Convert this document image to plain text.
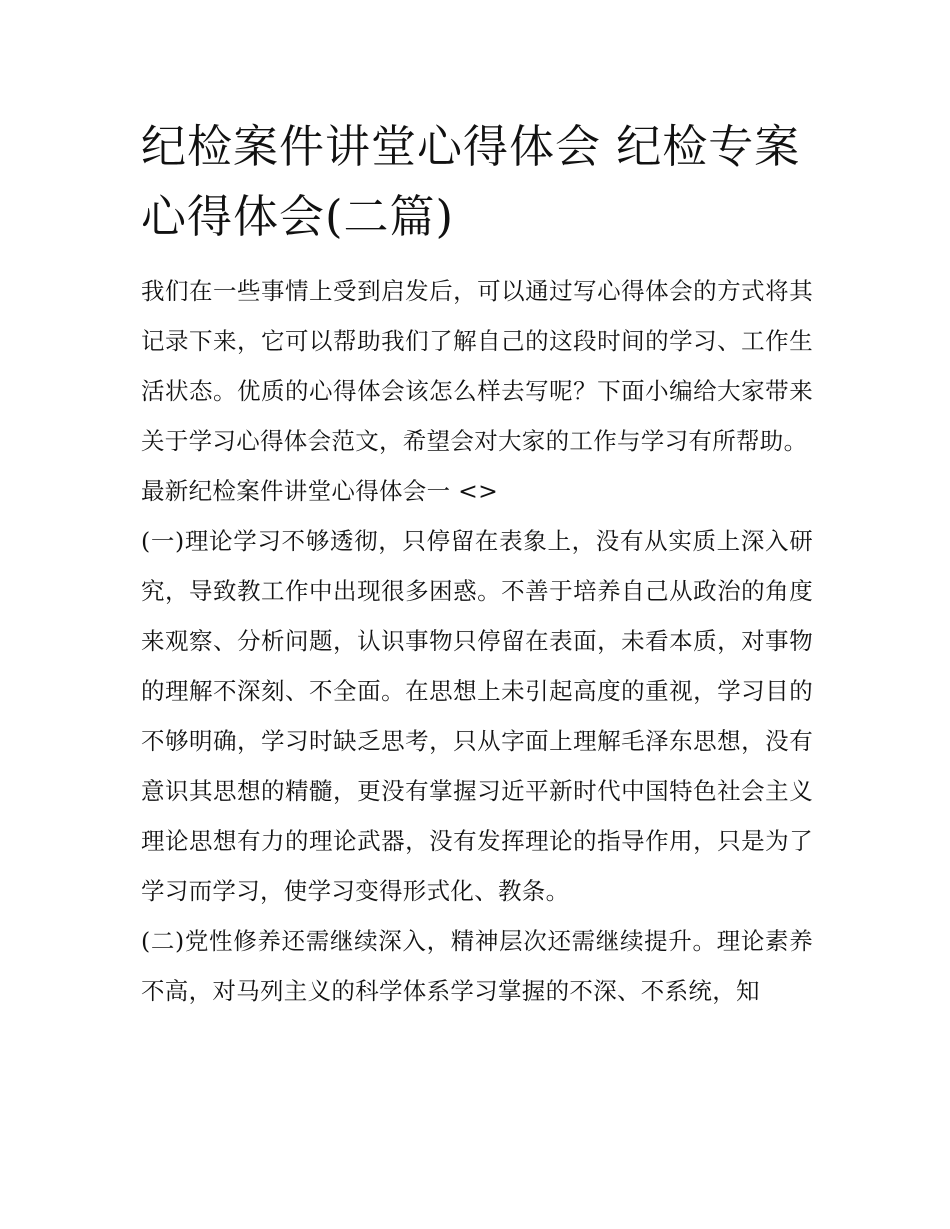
纪检案件讲堂心得体会 纪检专案心得体会(二篇)

我们在一些事情上受到启发后，可以通过写心得体会的方式将其记录下来，它可以帮助我们了解自己的这段时间的学习、工作生活状态。优质的心得体会该怎么样去写呢？下面小编给大家带来关于学习心得体会范文，希望会对大家的工作与学习有所帮助。

最新纪检案件讲堂心得体会一 <>

(一)理论学习不够透彻，只停留在表象上，没有从实质上深入研究，导致教工作中出现很多困惑。不善于培养自己从政治的角度来观察、分析问题，认识事物只停留在表面，未看本质，对事物的理解不深刻、不全面。在思想上未引起高度的重视，学习目的不够明确，学习时缺乏思考，只从字面上理解毛泽东思想，没有意识其思想的精髓，更没有掌握习近平新时代中国特色社会主义理论思想有力的理论武器，没有发挥理论的指导作用，只是为了学习而学习，使学习变得形式化、教条。

(二)党性修养还需继续深入，精神层次还需继续提升。理论素养不高，对马列主义的科学体系学习掌握的不深、不系统，知
